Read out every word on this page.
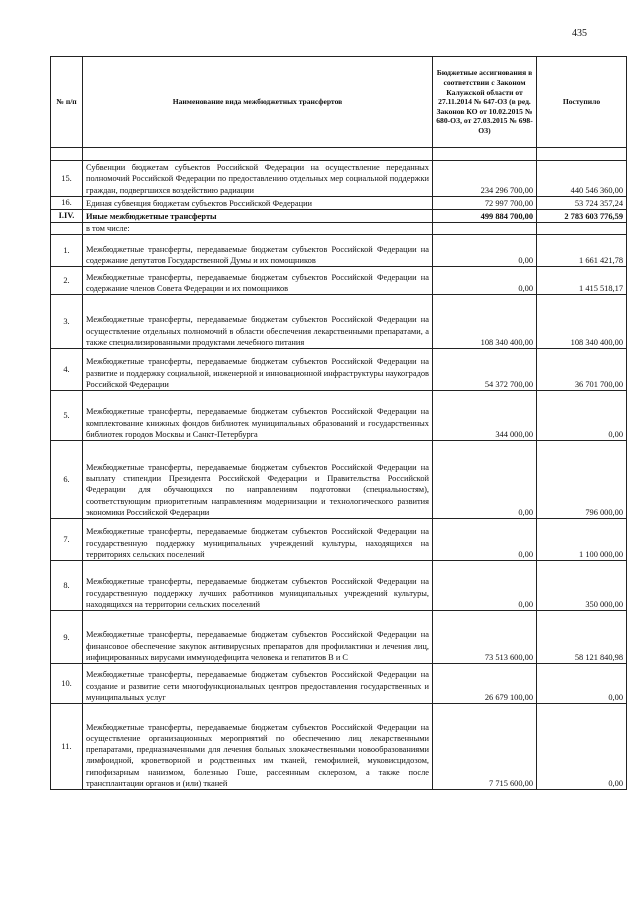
435
№ п/п	Наименование вида межбюджетных трансфертов	Бюджетные ассигнования в соответствии с Законом Калужской области от 27.11.2014 № 647-ОЗ (в ред. Законов КО от 10.02.2015 № 680-ОЗ, от 27.03.2015 № 698-ОЗ)	Поступило

15.	Субвенции бюджетам субъектов Российской Федерации на осуществление переданных полномочий Российской Федерации по предоставлению отдельных мер социальной поддержки граждан, подвергшихся воздействию радиации	234 296 700,00	440 546 360,00
16.	Единая субвенция бюджетам субъектов Российской Федерации	72 997 700,00	53 724 357,24
I.IV.	Иные межбюджетные трансферты	499 884 700,00	2 783 603 776,59
	в том числе:		
1.	Межбюджетные трансферты, передаваемые бюджетам субъектов Российской Федерации на содержание депутатов Государственной Думы и их помощников	0,00	1 661 421,78
2.	Межбюджетные трансферты, передаваемые бюджетам субъектов Российской Федерации на содержание членов Совета Федерации и их помощников	0,00	1 415 518,17
3.	Межбюджетные трансферты, передаваемые бюджетам субъектов Российской Федерации на осуществление отдельных полномочий в области обеспечения лекарственными препаратами, а также специализированными продуктами лечебного питания	108 340 400,00	108 340 400,00
4.	Межбюджетные трансферты, передаваемые бюджетам субъектов Российской Федерации на развитие и поддержку социальной, инженерной и инновационной инфраструктуры наукоградов Российской Федерации	54 372 700,00	36 701 700,00
5.	Межбюджетные трансферты, передаваемые бюджетам субъектов Российской Федерации на комплектование книжных фондов библиотек муниципальных образований и государственных библиотек городов Москвы и Санкт-Петербурга	344 000,00	0,00
6.	Межбюджетные трансферты, передаваемые бюджетам субъектов Российской Федерации на выплату стипендии Президента Российской Федерации и Правительства Российской Федерации для обучающихся по направлениям подготовки (специальностям), соответствующим приоритетным направлениям модернизации и технологического развития экономики Российской Федерации	0,00	796 000,00
7.	Межбюджетные трансферты, передаваемые бюджетам субъектов Российской Федерации на государственную поддержку муниципальных учреждений культуры, находящихся на территориях сельских поселений	0,00	1 100 000,00
8.	Межбюджетные трансферты, передаваемые бюджетам субъектов Российской Федерации на государственную поддержку лучших работников муниципальных учреждений культуры, находящихся на территории сельских поселений	0,00	350 000,00
9.	Межбюджетные трансферты, передаваемые бюджетам субъектов Российской Федерации на финансовое обеспечение закупок антивирусных препаратов для профилактики и лечения лиц, инфицированных вирусами иммунодефицита человека и гепатитов В и С	73 513 600,00	58 121 840,98
10.	Межбюджетные трансферты, передаваемые бюджетам субъектов Российской Федерации на создание и развитие сети многофункциональных центров предоставления государственных и муниципальных услуг	26 679 100,00	0,00
11.	Межбюджетные трансферты, передаваемые бюджетам субъектов Российской Федерации на осуществление организационных мероприятий по обеспечению лиц лекарственными препаратами, предназначенными для лечения больных злокачественными новообразованиями лимфоидной, кроветворной и родственных им тканей, гемофилией, муковисцидозом, гипофизарным нанизмом, болезнью Гоше, рассеянным склерозом, а также после трансплантации органов и (или) тканей	7 715 600,00	0,00
